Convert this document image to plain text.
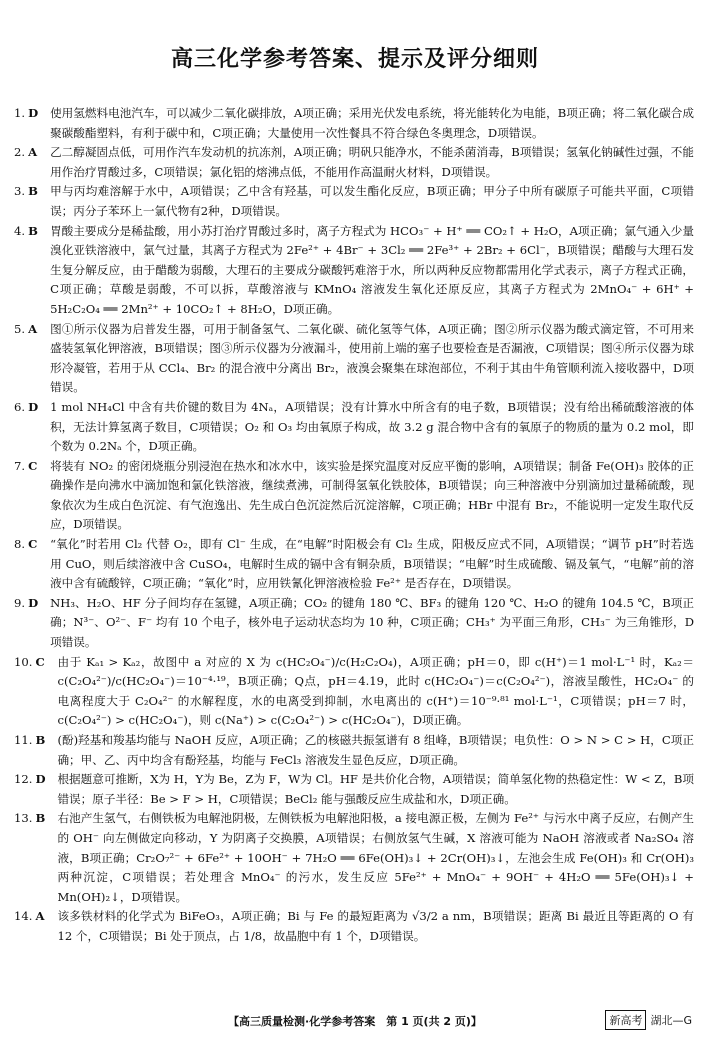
高三化学参考答案、提示及评分细则
1. D	使用氢燃料电池汽车，可以减少二氧化碳排放，A项正确；采用光伏发电系统，将光能转化为电能，B项正确；将二氧化碳合成聚碳酸酯塑料，有利于碳中和，C项正确；大量使用一次性餐具不符合绿色冬奥理念，D项错误。
2. A	乙二醇凝固点低，可用作汽车发动机的抗冻剂，A项正确；明矾只能净水，不能杀菌消毒，B项错误；氢氧化钠碱性过强，不能用作治疗胃酸过多，C项错误；氯化铝的熔沸点低，不能用作高温耐火材料，D项错误。
3. B	甲与丙均难溶解于水中，A项错误；乙中含有羟基，可以发生酯化反应，B项正确；甲分子中所有碳原子可能共平面，C项错误；丙分子苯环上一氯代物有2种，D项错误。
4. B	胃酸主要成分是稀盐酸，用小苏打治疗胃酸过多时，离子方程式为 HCO₃⁻ + H⁺ ══ CO₂↑ + H₂O，A项正确；氯气通入少量溴化亚铁溶液中，氯气过量，其离子方程式为 2Fe²⁺ + 4Br⁻ + 3Cl₂ ══ 2Fe³⁺ + 2Br₂ + 6Cl⁻，B项错误；醋酸与大理石发生复分解反应，由于醋酸为弱酸，大理石的主要成分碳酸钙难溶于水，所以两种反应物都需用化学式表示，离子方程式正确，C项正确；草酸是弱酸，不可以拆，草酸溶液与 KMnO₄ 溶液发生氧化还原反应，其离子方程式为 2MnO₄⁻ + 6H⁺ + 5H₂C₂O₄ ══ 2Mn²⁺ + 10CO₂↑ + 8H₂O，D项正确。
5. A	图①所示仪器为启普发生器，可用于制备氢气、二氧化碳、硫化氢等气体，A项正确；图②所示仪器为酸式滴定管，不可用来盛装氢氧化钾溶液，B项错误；图③所示仪器为分液漏斗，使用前上端的塞子也要检查是否漏液，C项错误；图④所示仪器为球形冷凝管，若用于从 CCl₄、Br₂ 的混合液中分离出 Br₂，液溴会聚集在球泡部位，不利于其由牛角管顺利流入接收器中，D项错误。
6. D	1 mol NH₄Cl 中含有共价键的数目为 4Nₐ，A项错误；没有计算水中所含有的电子数，B项错误；没有给出稀硫酸溶液的体积，无法计算氢离子数目，C项错误；O₂ 和 O₃ 均由氧原子构成，故 3.2 g 混合物中含有的氧原子的物质的量为 0.2 mol，即个数为 0.2Nₐ 个，D项正确。
7. C	将装有 NO₂ 的密闭烧瓶分别浸泡在热水和冰水中，该实验是探究温度对反应平衡的影响，A项错误；制备 Fe(OH)₃ 胶体的正确操作是向沸水中滴加饱和氯化铁溶液，继续煮沸，可制得氢氧化铁胶体，B项错误；向三种溶液中分别滴加过量稀硫酸，现象依次为生成白色沉淀、有气泡逸出、先生成白色沉淀然后沉淀溶解，C项正确；HBr 中混有 Br₂，不能说明一定发生取代反应，D项错误。
8. C	“氧化”时若用 Cl₂ 代替 O₂，即有 Cl⁻ 生成，在“电解”时阳极会有 Cl₂ 生成，阳极反应式不同，A项错误；“调节 pH”时若选用 CuO，则后续溶液中含 CuSO₄，电解时生成的镉中含有铜杂质，B项错误；“电解”时生成硫酸、镉及氧气，“电解”前的溶液中含有硫酸锌，C项正确；“氧化”时，应用铁氰化钾溶液检验 Fe²⁺ 是否存在，D项错误。
9. D	NH₃、H₂O、HF 分子间均存在氢键，A项正确；CO₂ 的键角 180 ℃、BF₃ 的键角 120 ℃、H₂O 的键角 104.5 ℃，B项正确；N³⁻、O²⁻、F⁻ 均有 10 个电子，核外电子运动状态均为 10 种，C项正确；CH₃⁺ 为平面三角形，CH₃⁻ 为三角锥形，D项错误。
10. C	由于 Kₐ₁ > Kₐ₂，故图中 a 对应的 X 为 c(HC₂O₄⁻)/c(H₂C₂O₄)，A项正确；pH＝0，即 c(H⁺)＝1 mol·L⁻¹ 时，Kₐ₂＝c(C₂O₄²⁻)/c(HC₂O₄⁻)＝10⁻⁴·¹⁹，B项正确；Q点，pH＝4.19，此时 c(HC₂O₄⁻)＝c(C₂O₄²⁻)，溶液呈酸性，HC₂O₄⁻ 的电离程度大于 C₂O₄²⁻ 的水解程度，水的电离受到抑制，水电离出的 c(H⁺)＝10⁻⁹·⁸¹ mol·L⁻¹，C项错误；pH＝7 时，c(C₂O₄²⁻) > c(HC₂O₄⁻)，则 c(Na⁺) > c(C₂O₄²⁻) > c(HC₂O₄⁻)，D项正确。
11. B	(酚)羟基和羧基均能与 NaOH 反应，A项正确；乙的核磁共振氢谱有 8 组峰，B项错误；电负性：O > N > C > H，C项正确；甲、乙、丙中均含有酚羟基，均能与 FeCl₃ 溶液发生显色反应，D项正确。
12. D	根据题意可推断，X为 H，Y为 Be，Z为 F，W为 Cl。HF 是共价化合物，A项错误；简单氢化物的热稳定性：W < Z，B项错误；原子半径：Be > F > H，C项错误；BeCl₂ 能与强酸反应生成盐和水，D项正确。
13. B	右池产生氢气，右侧铁板为电解池阴极，左侧铁板为电解池阳极，a 接电源正极，左侧为 Fe²⁺ 与污水中离子反应，右侧产生的 OH⁻ 向左侧做定向移动，Y 为阴离子交换膜，A项错误；右侧放氢气生碱，X 溶液可能为 NaOH 溶液或者 Na₂SO₄ 溶液，B项正确；Cr₂O₇²⁻ + 6Fe²⁺ + 10OH⁻ + 7H₂O ══ 6Fe(OH)₃↓ + 2Cr(OH)₃↓，左池会生成 Fe(OH)₃ 和 Cr(OH)₃ 两种沉淀，C项错误；若处理含 MnO₄⁻ 的污水，发生反应 5Fe²⁺ + MnO₄⁻ + 9OH⁻ + 4H₂O ══ 5Fe(OH)₃↓ + Mn(OH)₂↓，D项错误。
14. A	该多铁材料的化学式为 BiFeO₃，A项正确；Bi 与 Fe 的最短距离为 √3/2 a nm，B项错误；距离 Bi 最近且等距离的 O 有 12 个，C项错误；Bi 处于顶点，占 1/8，故晶胞中有 1 个，D项错误。
【高三质量检测·化学参考答案　第 1 页(共 2 页)】	新高考 湖北—G
